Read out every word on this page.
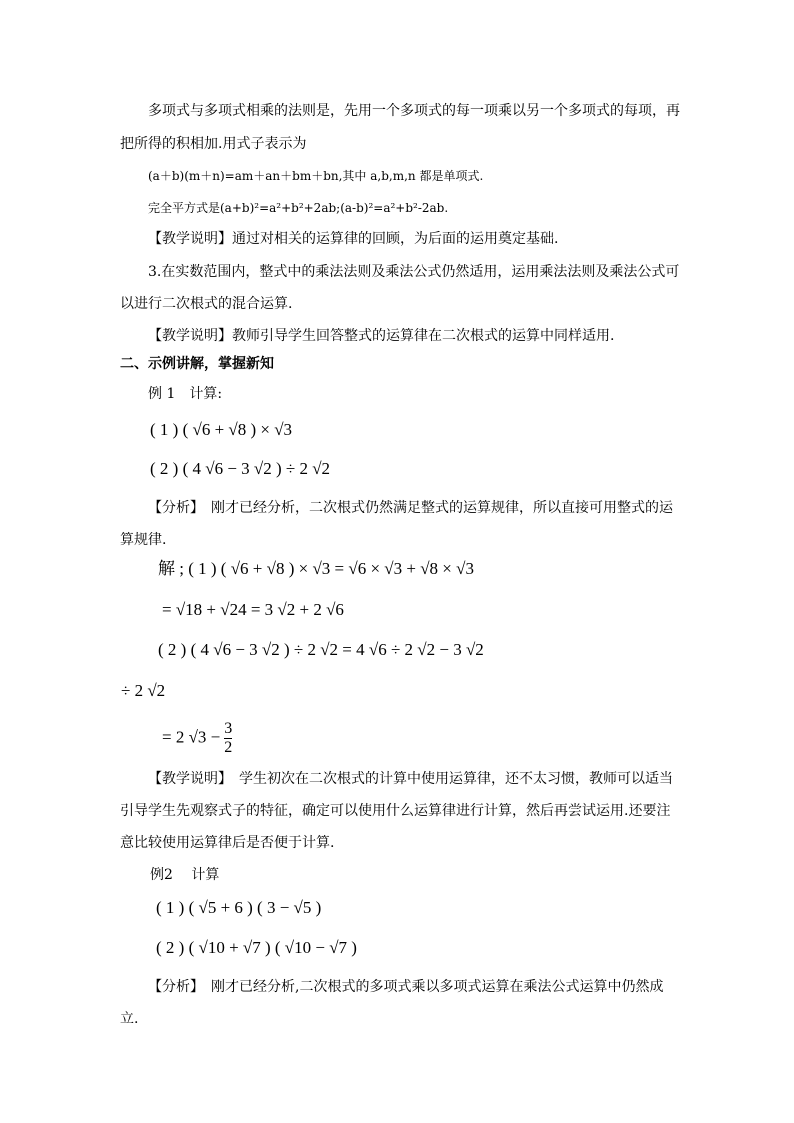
多项式与多项式相乘的法则是，先用一个多项式的每一项乘以另一个多项式的每项，再
把所得的积相加.用式子表示为
(a＋b)(m＋n)=am＋an＋bm＋bn,其中 a,b,m,n 都是单项式.
完全平方式是(a+b)²=a²+b²+2ab;(a-b)²=a²+b²-2ab.
【教学说明】通过对相关的运算律的回顾，为后面的运用奠定基础.
3.在实数范围内，整式中的乘法法则及乘法公式仍然适用，运用乘法法则及乘法公式可
以进行二次根式的混合运算.
【教学说明】教师引导学生回答整式的运算律在二次根式的运算中同样适用.
二、示例讲解，掌握新知
例 1　计算:
( 1 ) ( √6 + √8 ) × √3
( 2 ) ( 4 √6 − 3 √2 ) ÷ 2 √2
【分析】　刚才已经分析，二次根式仍然满足整式的运算规律，所以直接可用整式的运
算规律.
解 ; ( 1 ) ( √6 + √8 ) × √3 = √6 × √3 + √8 × √3
= √18 + √24 = 3 √2 + 2 √6
( 2 ) ( 4 √6 − 3 √2 ) ÷ 2 √2 = 4 √6 ÷ 2 √2 − 3 √2
÷ 2 √2
= 2 $√3 - \frac{3}{2}$
【教学说明】　学生初次在二次根式的计算中使用运算律，还不太习惯，教师可以适当
引导学生先观察式子的特征，确定可以使用什么运算律进行计算，然后再尝试运用.还要注
意比较使用运算律后是否便于计算.
例2　 计算
( 1 ) ( √5 + 6 ) ( 3 − √5 )
( 2 ) ( √10 + √7 ) ( √10 − √7 )
【分析】　刚才已经分析,二次根式的多项式乘以多项式运算在乘法公式运算中仍然成
立.
